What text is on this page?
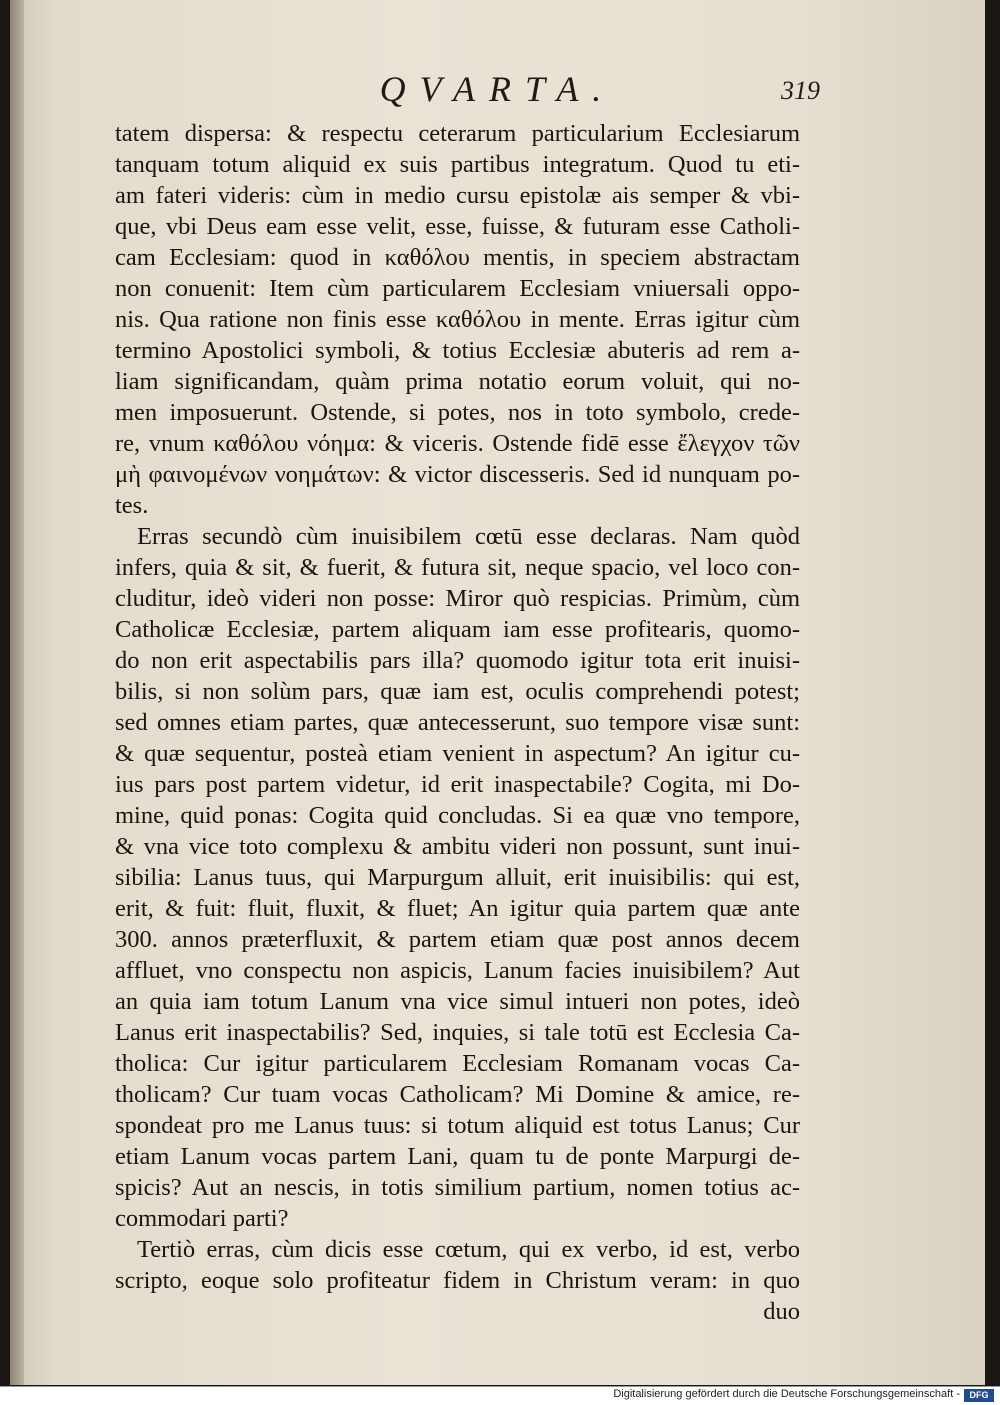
QVARTA.	319
tatem dispersa: & respectu ceterarum particularium Ecclesiarum
tanquam totum aliquid ex suis partibus integratum. Quod tu eti-
am fateri videris: cùm in medio cursu epistolæ ais semper & vbi-
que, vbi Deus eam esse velit, esse, fuisse, & futuram esse Catholi-
cam Ecclesiam: quod in καθόλου mentis, in speciem abstractam
non conuenit: Item cùm particularem Ecclesiam vniuersali oppo-
nis. Qua ratione non finis esse καθόλου in mente. Erras igitur cùm
termino Apostolici symboli, & totius Ecclesiæ abuteris ad rem a-
liam significandam, quàm prima notatio eorum voluit, qui no-
men imposuerunt. Ostende, si potes, nos in toto symbolo, crede-
re, vnum καθόλου νόημα: & viceris. Ostende fidē esse ἔλεγχον τῶν
μὴ φαινομένων νοημάτων: & victor discesseris. Sed id nunquam po-
tes.
Erras secundò cùm inuisibilem cœtū esse declaras. Nam quòd
infers, quia & sit, & fuerit, & futura sit, neque spacio, vel loco con-
cluditur, ideò videri non posse: Miror quò respicias. Primùm, cùm
Catholicæ Ecclesiæ, partem aliquam iam esse profitearis, quomo-
do non erit aspectabilis pars illa? quomodo igitur tota erit inuisi-
bilis, si non solùm pars, quæ iam est, oculis comprehendi potest;
sed omnes etiam partes, quæ antecesserunt, suo tempore visæ sunt:
& quæ sequentur, posteà etiam venient in aspectum? An igitur cu-
ius pars post partem videtur, id erit inaspectabile? Cogita, mi Do-
mine, quid ponas: Cogita quid concludas. Si ea quæ vno tempore,
& vna vice toto complexu & ambitu videri non possunt, sunt inui-
sibilia: Lanus tuus, qui Marpurgum alluit, erit inuisibilis: qui est,
erit, & fuit: fluit, fluxit, & fluet; An igitur quia partem quæ ante
300. annos præterfluxit, & partem etiam quæ post annos decem
affluet, vno conspectu non aspicis, Lanum facies inuisibilem? Aut
an quia iam totum Lanum vna vice simul intueri non potes, ideò
Lanus erit inaspectabilis? Sed, inquies, si tale totū est Ecclesia Ca-
tholica: Cur igitur particularem Ecclesiam Romanam vocas Ca-
tholicam? Cur tuam vocas Catholicam? Mi Domine & amice, re-
spondeat pro me Lanus tuus: si totum aliquid est totus Lanus; Cur
etiam Lanum vocas partem Lani, quam tu de ponte Marpurgi de-
spicis? Aut an nescis, in totis similium partium, nomen totius ac-
commodari parti?
Tertiò erras, cùm dicis esse cœtum, qui ex verbo, id est, verbo
scripto, eoque solo profiteatur fidem in Christum veram: in quo
duo
Digitalisierung gefördert durch die Deutsche Forschungsgemeinschaft -	DFG
